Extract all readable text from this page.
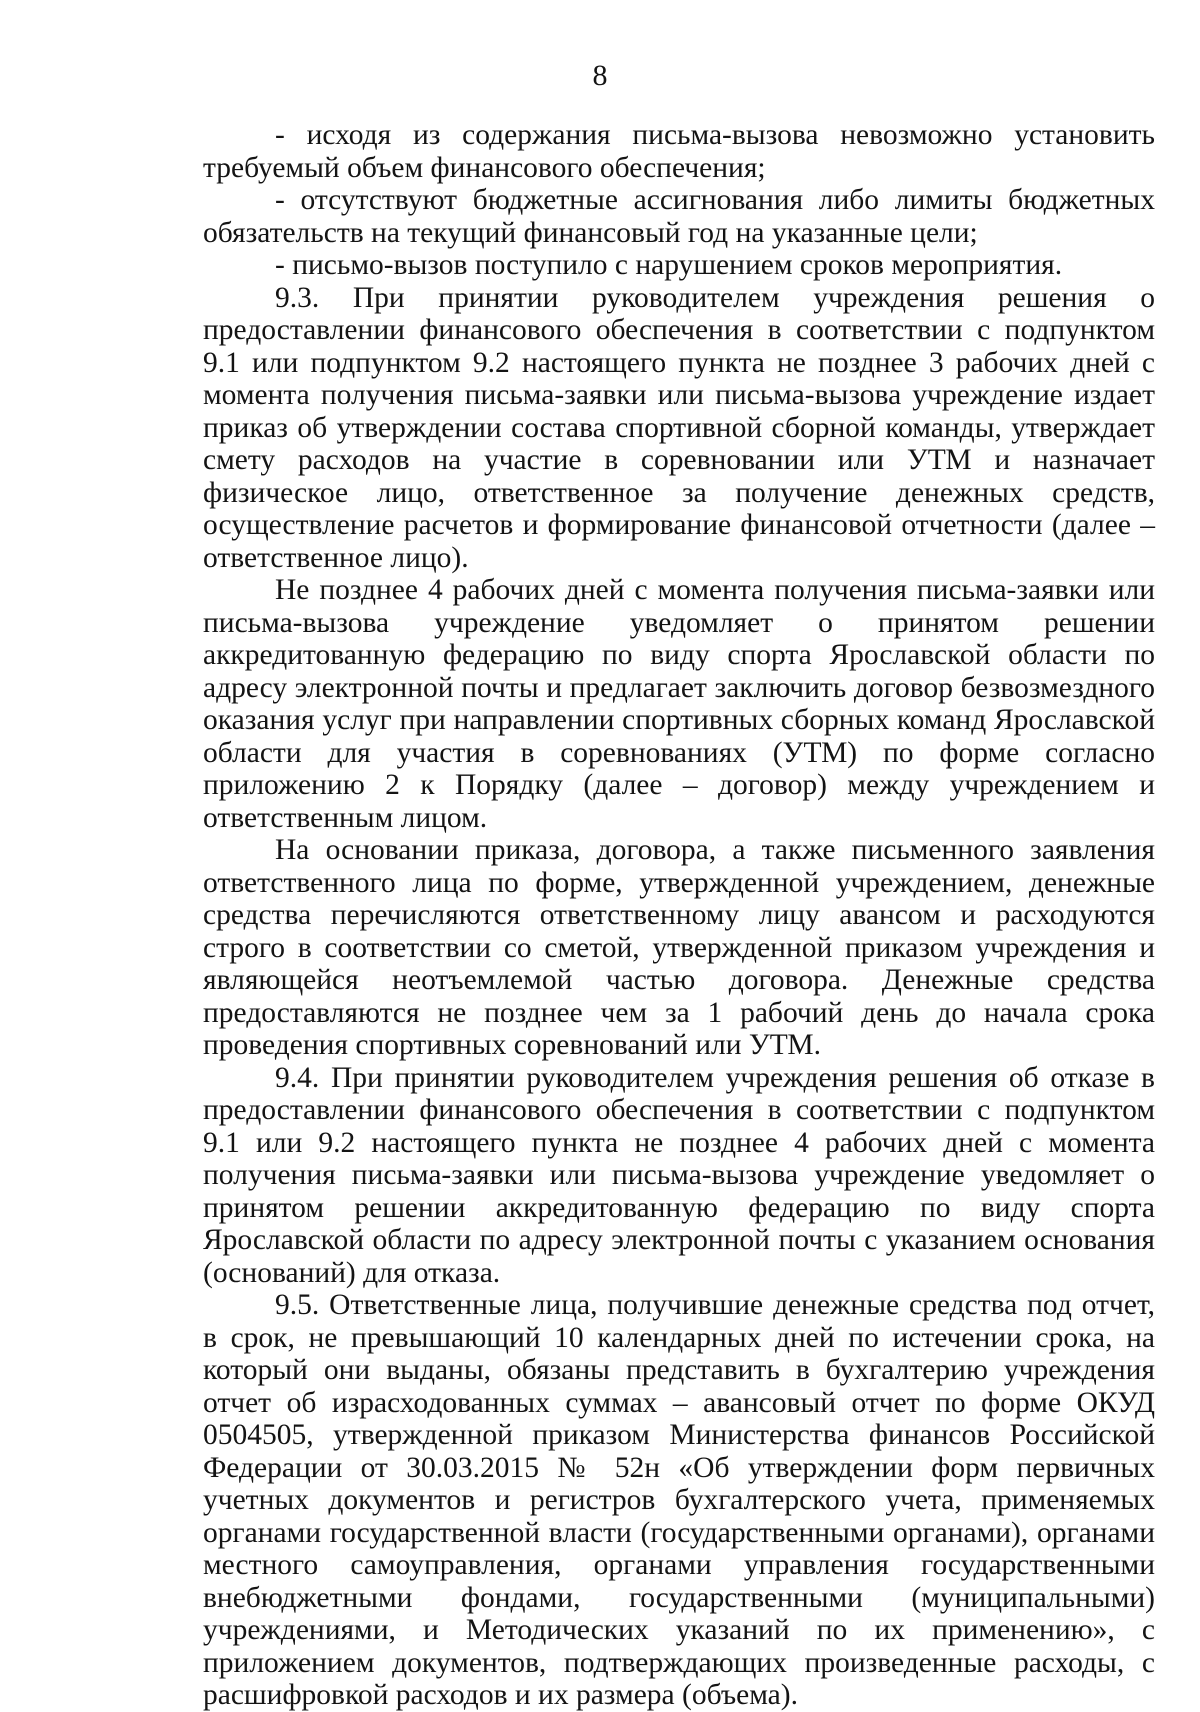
8

- исходя из содержания письма-вызова невозможно установить требуемый объем финансового обеспечения;

- отсутствуют бюджетные ассигнования либо лимиты бюджетных обязательств на текущий финансовый год на указанные цели;

- письмо-вызов поступило с нарушением сроков мероприятия.

9.3. При принятии руководителем учреждения решения о предоставлении финансового обеспечения в соответствии с подпунктом 9.1 или подпунктом 9.2 настоящего пункта не позднее 3 рабочих дней с момента получения письма-заявки или письма-вызова учреждение издает приказ об утверждении состава спортивной сборной команды, утверждает смету расходов на участие в соревновании или УТМ и назначает физическое лицо, ответственное за получение денежных средств, осуществление расчетов и формирование финансовой отчетности (далее – ответственное лицо).

Не позднее 4 рабочих дней с момента получения письма-заявки или письма-вызова учреждение уведомляет о принятом решении аккредитованную федерацию по виду спорта Ярославской области по адресу электронной почты и предлагает заключить договор безвозмездного оказания услуг при направлении спортивных сборных команд Ярославской области для участия в соревнованиях (УТМ) по форме согласно приложению 2 к Порядку (далее – договор) между учреждением и ответственным лицом.

На основании приказа, договора, а также письменного заявления ответственного лица по форме, утвержденной учреждением, денежные средства перечисляются ответственному лицу авансом и расходуются строго в соответствии со сметой, утвержденной приказом учреждения и являющейся неотъемлемой частью договора. Денежные средства предоставляются не позднее чем за 1 рабочий день до начала срока проведения спортивных соревнований или УТМ.

9.4. При принятии руководителем учреждения решения об отказе в предоставлении финансового обеспечения в соответствии с подпунктом 9.1 или 9.2 настоящего пункта не позднее 4 рабочих дней с момента получения письма-заявки или письма-вызова учреждение уведомляет о принятом решении аккредитованную федерацию по виду спорта Ярославской области по адресу электронной почты с указанием основания (оснований) для отказа.

9.5. Ответственные лица, получившие денежные средства под отчет, в срок, не превышающий 10 календарных дней по истечении срока, на который они выданы, обязаны представить в бухгалтерию учреждения отчет об израсходованных суммах – авансовый отчет по форме ОКУД 0504505, утвержденной приказом Министерства финансов Российской Федерации от 30.03.2015 № 52н «Об утверждении форм первичных учетных документов и регистров бухгалтерского учета, применяемых органами государственной власти (государственными органами), органами местного самоуправления, органами управления государственными внебюджетными фондами, государственными (муниципальными) учреждениями, и Методических указаний по их применению», с приложением документов, подтверждающих произведенные расходы, с расшифровкой расходов и их размера (объема).
